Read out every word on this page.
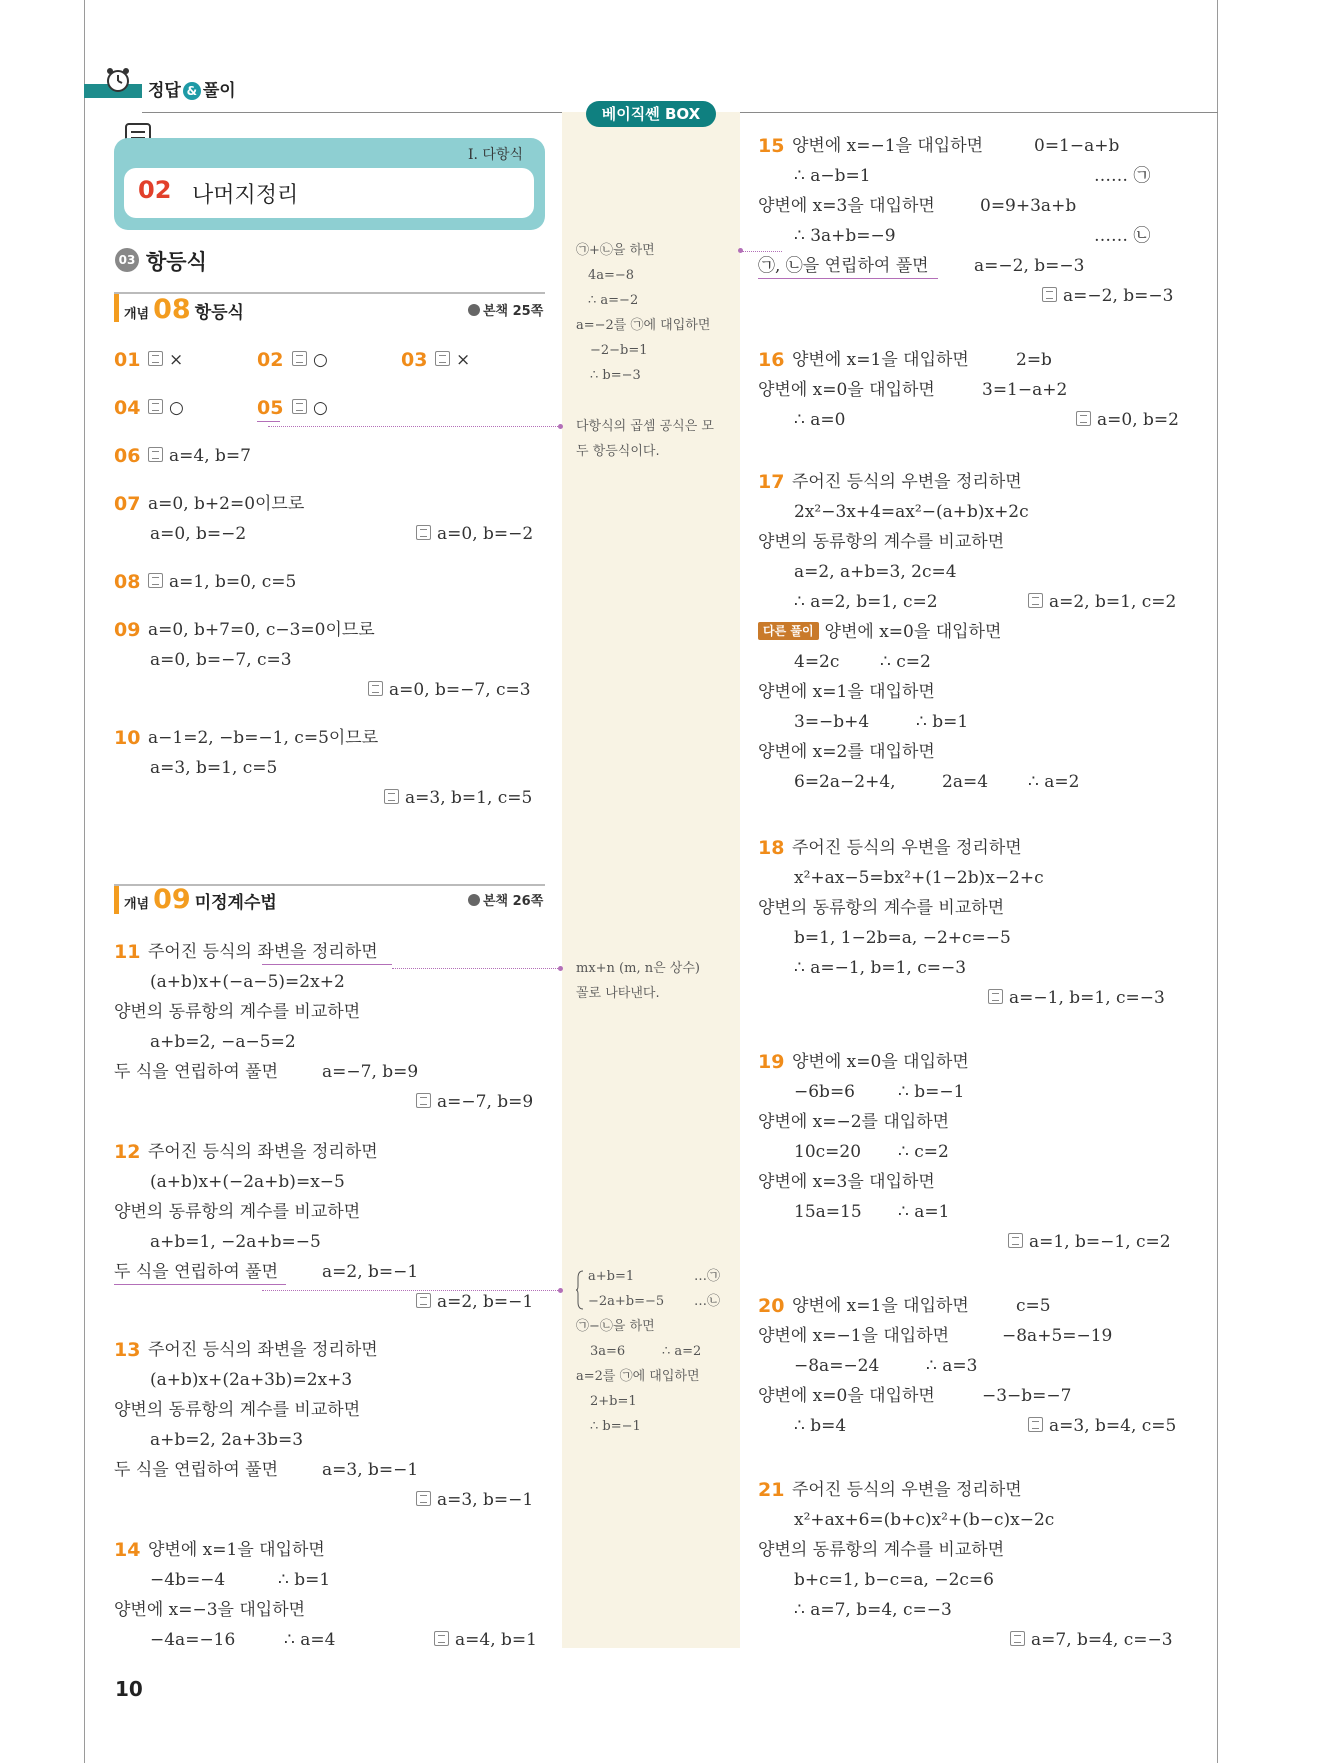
정답 & 풀이
베이직쎈 BOX
Ⅰ. 다항식
02 나머지정리
03 항등식
개념 08 항등식	본책 25쪽
01	×	02	○	03	×
04	○	05	○
06	a=4, b=7
07 a=0, b+2=0이므로
a=0, b=−2	a=0, b=−2
08	a=1, b=0, c=5
09 a=0, b+7=0, c−3=0이므로
a=0, b=−7, c=3
a=0, b=−7, c=3
10 a−1=2, −b=−1, c=5이므로
a=3, b=1, c=5
a=3, b=1, c=5
개념 09 미정계수법	본책 26쪽
11 주어진 등식의 좌변을 정리하면
(a+b)x+(−a−5)=2x+2
양변의 동류항의 계수를 비교하면
a+b=2, −a−5=2
두 식을 연립하여 풀면	a=−7, b=9
a=−7, b=9
12 주어진 등식의 좌변을 정리하면
(a+b)x+(−2a+b)=x−5
양변의 동류항의 계수를 비교하면
a+b=1, −2a+b=−5
두 식을 연립하여 풀면	a=2, b=−1
a=2, b=−1
13 주어진 등식의 좌변을 정리하면
(a+b)x+(2a+3b)=2x+3
양변의 동류항의 계수를 비교하면
a+b=2, 2a+3b=3
두 식을 연립하여 풀면	a=3, b=−1
a=3, b=−1
14 양변에 x=1을 대입하면
−4b=−4	∴ b=1
양변에 x=−3을 대입하면
−4a=−16	∴ a=4	a=4, b=1
㉠+㉡을 하면
4a=−8
∴ a=−2
a=−2를 ㉠에 대입하면
−2−b=1
∴ b=−3
다항식의 곱셈 공식은 모
두 항등식이다.
mx+n (m, n은 상수)
꼴로 나타낸다.
a+b=1
−2a+b=−5
…㉠
…㉡
㉠−㉡을 하면
3a=6	∴ a=2
a=2를 ㉠에 대입하면
2+b=1
∴ b=−1
15 양변에 x=−1을 대입하면	0=1−a+b
∴ a−b=1	…… ㉠
양변에 x=3을 대입하면	0=9+3a+b
∴ 3a+b=−9	…… ㉡
㉠, ㉡을 연립하여 풀면	a=−2, b=−3
a=−2, b=−3
16 양변에 x=1을 대입하면	2=b
양변에 x=0을 대입하면	3=1−a+2
∴ a=0	a=0, b=2
17 주어진 등식의 우변을 정리하면
2x²−3x+4=ax²−(a+b)x+2c
양변의 동류항의 계수를 비교하면
a=2, a+b=3, 2c=4
∴ a=2, b=1, c=2	a=2, b=1, c=2
다른 풀이 양변에 x=0을 대입하면
4=2c ∴ c=2
양변에 x=1을 대입하면
3=−b+4	∴ b=1
양변에 x=2를 대입하면
6=2a−2+4,	2a=4 ∴ a=2
18 주어진 등식의 우변을 정리하면
x²+ax−5=bx²+(1−2b)x−2+c
양변의 동류항의 계수를 비교하면
b=1, 1−2b=a, −2+c=−5
∴ a=−1, b=1, c=−3
a=−1, b=1, c=−3
19 양변에 x=0을 대입하면
−6b=6	∴ b=−1
양변에 x=−2를 대입하면
10c=20 ∴ c=2
양변에 x=3을 대입하면
15a=15 ∴ a=1
a=1, b=−1, c=2
20 양변에 x=1을 대입하면	c=5
양변에 x=−1을 대입하면	−8a+5=−19
−8a=−24	∴ a=3
양변에 x=0을 대입하면	−3−b=−7
∴ b=4	a=3, b=4, c=5
21 주어진 등식의 우변을 정리하면
x²+ax+6=(b+c)x²+(b−c)x−2c
양변의 동류항의 계수를 비교하면
b+c=1, b−c=a, −2c=6
∴ a=7, b=4, c=−3
a=7, b=4, c=−3
10
